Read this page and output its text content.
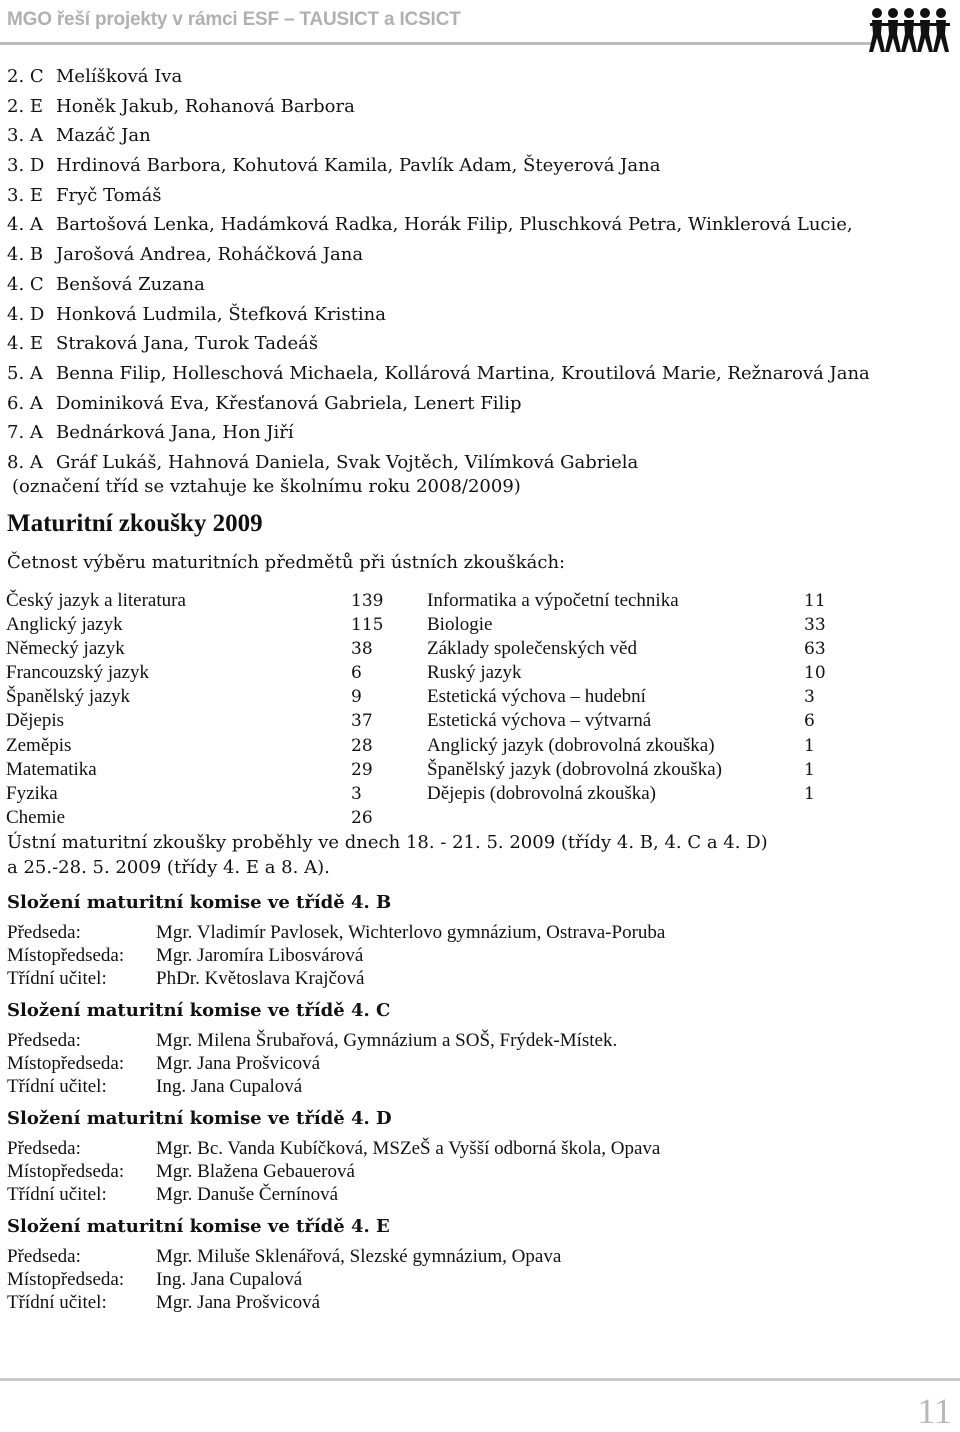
MGO řeší projekty v rámci ESF – TAUSICT a ICSICT
2. C Melíšková Iva
2. E Honěk Jakub, Rohanová Barbora
3. A Mazáč Jan
3. D Hrdinová Barbora, Kohutová Kamila, Pavlík Adam, Šteyerová Jana
3. E Fryč Tomáš
4. A Bartošová Lenka, Hadámková Radka, Horák Filip, Pluschková Petra, Winklerová Lucie,
4. B Jarošová Andrea, Roháčková Jana
4. C Benšová Zuzana
4. D Honková Ludmila, Štefková Kristina
4. E Straková Jana, Turok Tadeáš
5. A Benna Filip, Holleschová Michaela, Kollárová Martina, Kroutilová Marie, Režnarová Jana
6. A Dominiková Eva, Křesťanová Gabriela, Lenert Filip
7. A Bednárková Jana, Hon Jiří
8. A Gráf Lukáš, Hahnová Daniela, Svak Vojtěch, Vilímková Gabriela
(označení tříd se vztahuje ke školnímu roku 2008/2009)
Maturitní zkoušky 2009
Četnost výběru maturitních předmětů při ústních zkouškách:
Český jazyk a literatura	139
Anglický jazyk	115
Německý jazyk	38
Francouzský jazyk	6
Španělský jazyk	9
Dějepis	37
Zeměpis	28
Matematika	29
Fyzika	3
Chemie	26
Informatika a výpočetní technika	11
Biologie	33
Základy společenských věd	63
Ruský jazyk	10
Estetická výchova – hudební	3
Estetická výchova – výtvarná	6
Anglický jazyk (dobrovolná zkouška)	1
Španělský jazyk (dobrovolná zkouška)	1
Dějepis (dobrovolná zkouška)	1
Ústní maturitní zkoušky proběhly ve dnech 18. - 21. 5. 2009 (třídy 4. B, 4. C a 4. D)
a 25.-28. 5. 2009 (třídy 4. E a 8. A).
Složení maturitní komise ve třídě 4. B
Předseda:	Mgr. Vladimír Pavlosek, Wichterlovo gymnázium, Ostrava-Poruba
Místopředseda: Mgr. Jaromíra Libosvárová
Třídní učitel:	PhDr. Květoslava Krajčová
Složení maturitní komise ve třídě 4. C
Předseda:	Mgr. Milena Šrubařová, Gymnázium a SOŠ, Frýdek-Místek.
Místopředseda: Mgr. Jana Prošvicová
Třídní učitel:	Ing. Jana Cupalová
Složení maturitní komise ve třídě 4. D
Předseda:	Mgr. Bc. Vanda Kubíčková, MSZeŠ a Vyšší odborná škola, Opava
Místopředseda: Mgr. Blažena Gebauerová
Třídní učitel:	Mgr. Danuše Černínová
Složení maturitní komise ve třídě 4. E
Předseda:	Mgr. Miluše Sklenářová, Slezské gymnázium, Opava
Místopředseda: Ing. Jana Cupalová
Třídní učitel:	Mgr. Jana Prošvicová
11
